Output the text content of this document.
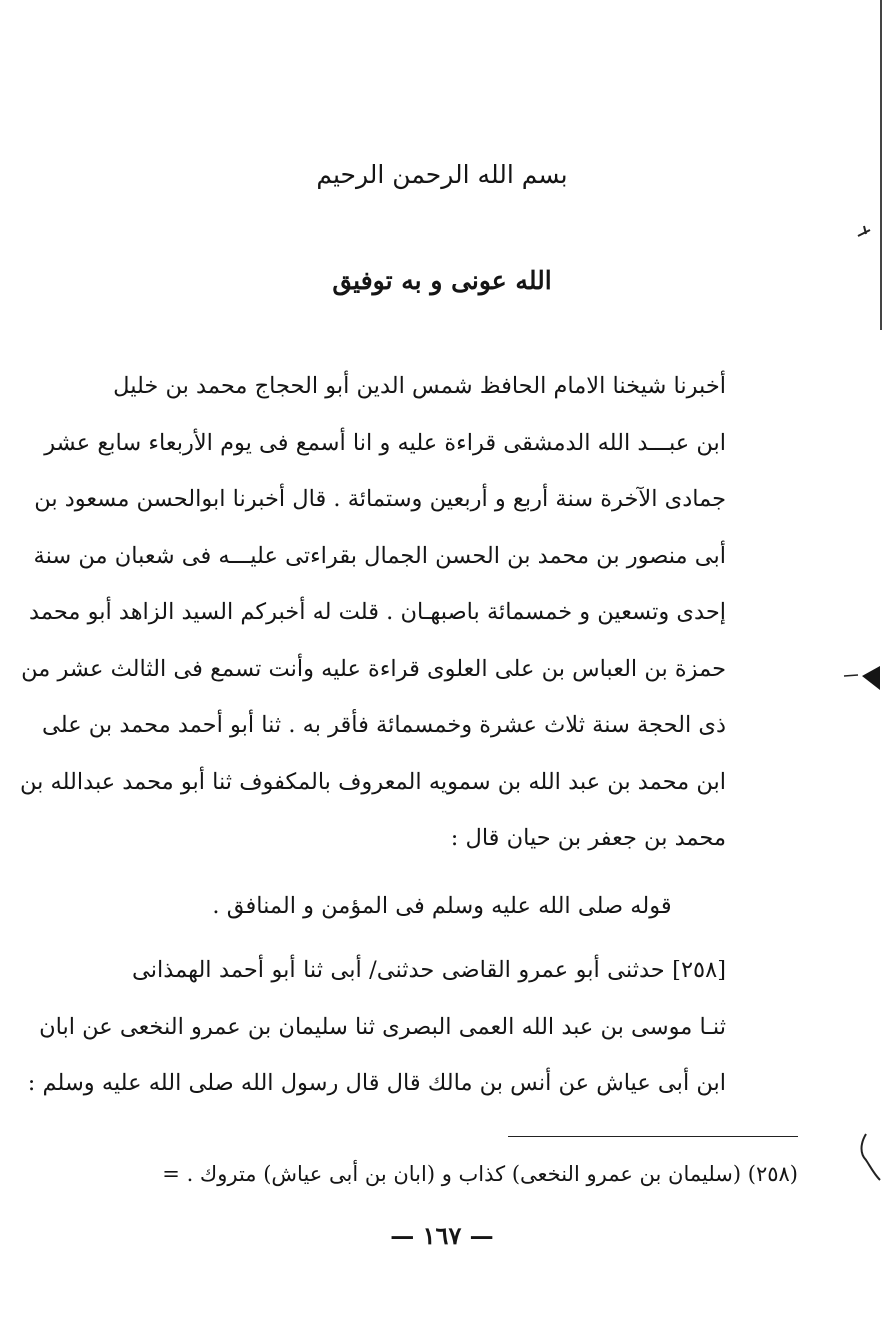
بسم الله الرحمن الرحيم
الله عونى و به توفيق
أخبرنا شيخنا الامام الحافظ شمس الدين أبو الحجاج محمد بن خليل
ابن عبـــد الله الدمشقى قراءة عليه و انا أسمع فى يوم الأربعاء سابع عشر
جمادى الآخرة سنة أربع و أربعين وستمائة . قال أخبرنا ابوالحسن مسعود بن
أبى منصور بن محمد بن الحسن الجمال بقراءتى عليـــه فى شعبان من سنة
إحدى وتسعين و خمسمائة باصبهـان . قلت له أخبركم السيد الزاهد أبو محمد
حمزة بن العباس بن على العلوى قراءة عليه وأنت تسمع فى الثالث عشر من
ذى الحجة سنة ثلاث عشرة وخمسمائة فأقر به . ثنا أبو أحمد محمد بن على
ابن محمد بن عبد الله بن سمويه المعروف بالمكفوف ثنا أبو محمد عبدالله بن
محمد بن جعفر بن حيان قال :
قوله صلى الله عليه وسلم فى المؤمن و المنافق .
[٢٥٨] حدثنى أبو عمرو القاضى حدثنى/ أبى ثنا أبو أحمد الهمذانى
ثنـا موسى بن عبد الله العمى البصرى ثنا سليمان بن عمرو النخعى عن ابان
ابن أبى عياش عن أنس بن مالك قال قال رسول الله صلى الله عليه وسلم :
(٢٥٨) (سليمان بن عمرو النخعى) كذاب و (ابان بن أبى عياش) متروك . =
— ١٦٧ —
